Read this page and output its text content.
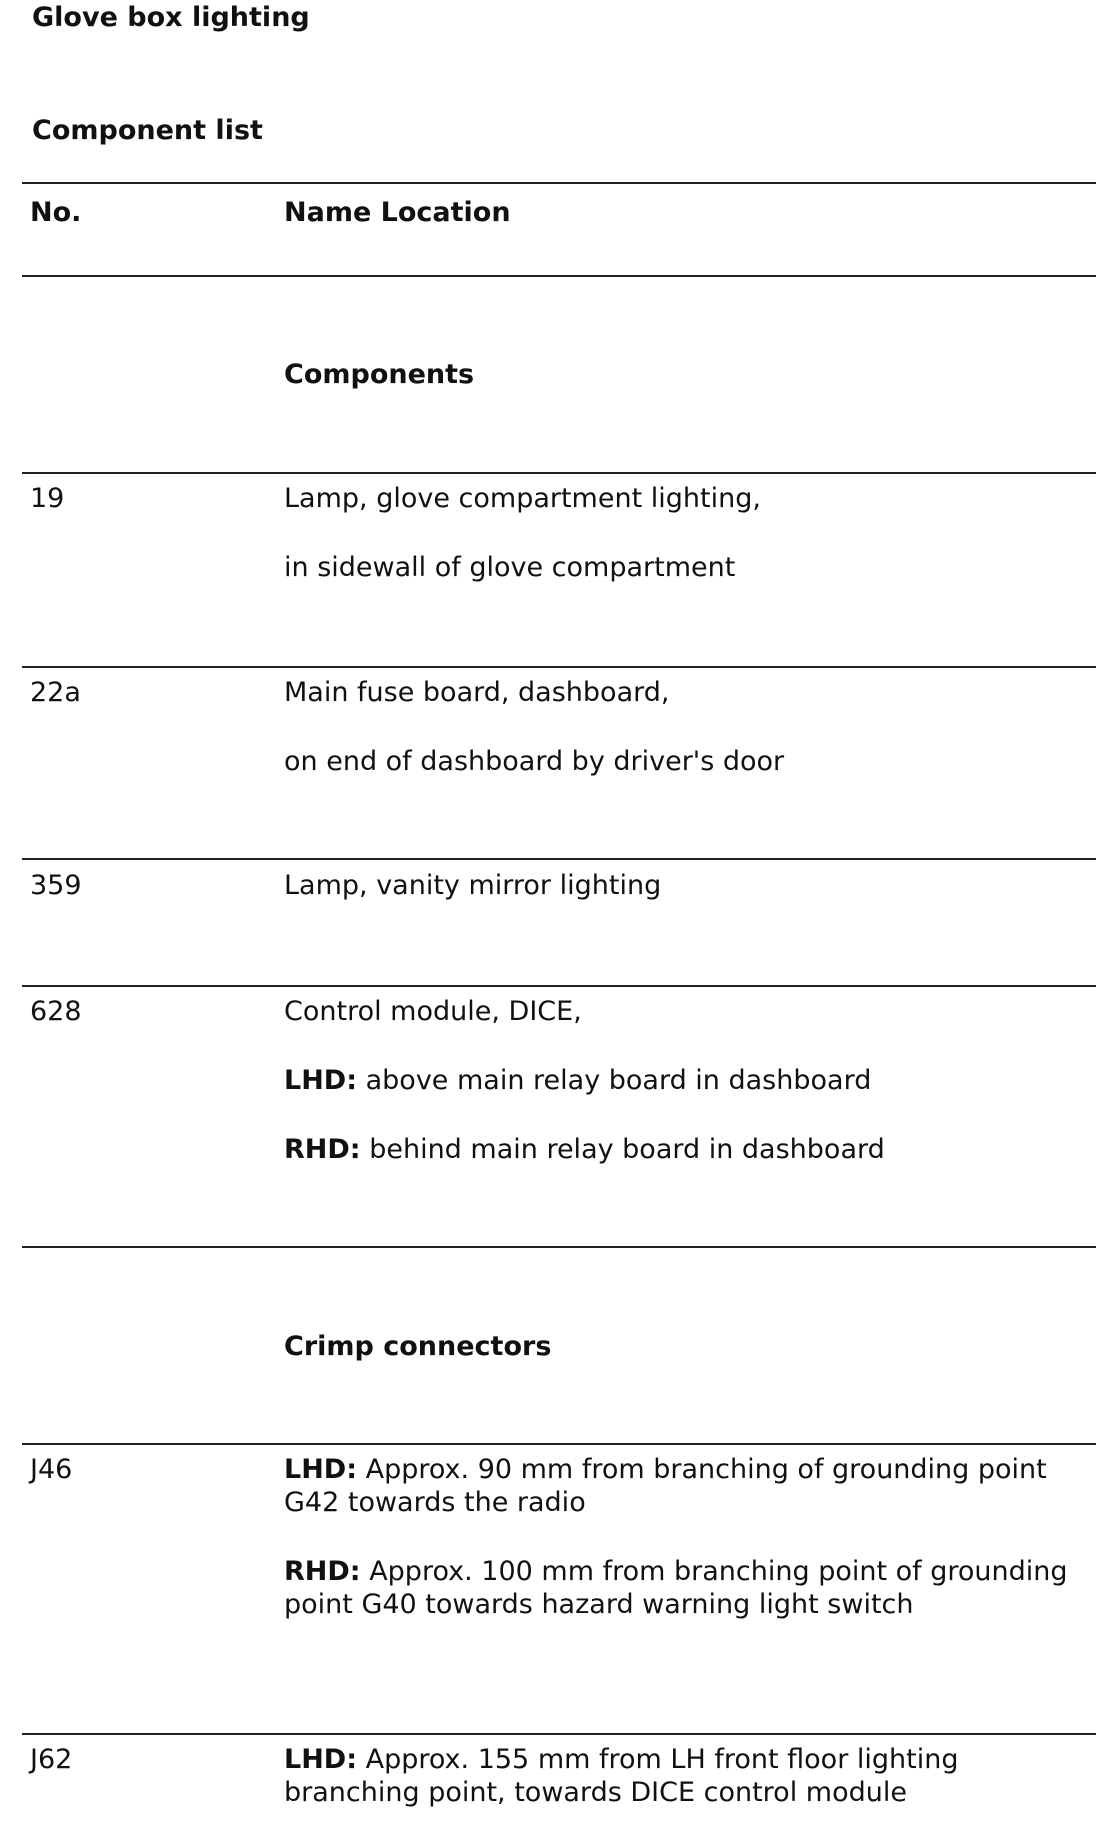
Glove box lighting
Component list
No.	Name Location
Components
19	Lamp, glove compartment lighting,
in sidewall of glove compartment
22a	Main fuse board, dashboard,
on end of dashboard by driver's door
359	Lamp, vanity mirror lighting
628	Control module, DICE,
LHD: above main relay board in dashboard
RHD: behind main relay board in dashboard
Crimp connectors
J46	LHD: Approx. 90 mm from branching of grounding point G42 towards the radio
RHD: Approx. 100 mm from branching point of grounding point G40 towards hazard warning light switch
J62	LHD: Approx. 155 mm from LH front floor lighting branching point, towards DICE control module
